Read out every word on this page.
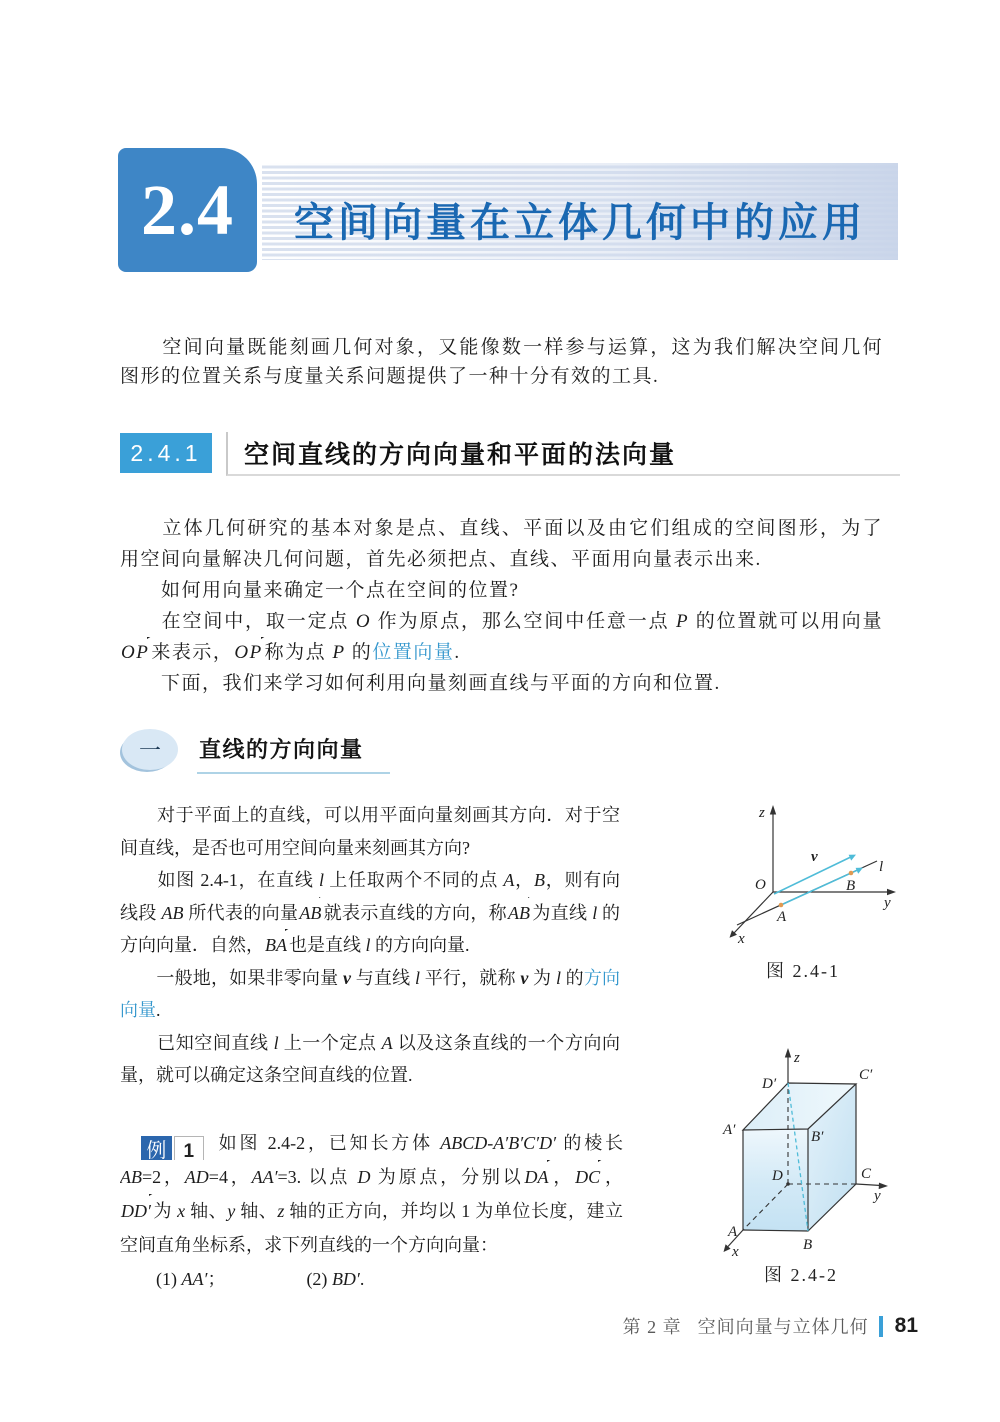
2.4 空间向量在立体几何中的应用
　　空间向量既能刻画几何对象，又能像数一样参与运算，这为我们解决空间几何
图形的位置关系与度量关系问题提供了一种十分有效的工具.
2.4.1	空间直线的方向向量和平面的法向量
　　立体几何研究的基本对象是点、直线、平面以及由它们组成的空间图形，为了
用空间向量解决几何问题，首先必须把点、直线、平面用向量表示出来.
　　如何用向量来确定一个点在空间的位置?
　　在空间中，取一定点 O 作为原点，那么空间中任意一点 P 的位置就可以用向量
OP 来表示，OP 称为点 P 的位置向量.
　　下面，我们来学习如何利用向量刻画直线与平面的方向和位置.
一	直线的方向向量
　　对于平面上的直线，可以用平面向量刻画其方向．对于空
间直线，是否也可用空间向量来刻画其方向?
　　如图 2.4-1，在直线 l 上任取两个不同的点 A，B，则有向
线段 AB 所代表的向量AB 就表示直线的方向，称AB 为直线 l 的
方向向量．自然，BA 也是直线 l 的方向向量.
　　一般地，如果非零向量 v 与直线 l 平行，就称 v 为 l 的方向
向量.
　　已知空间直线 l 上一个定点 A 以及这条直线的一个方向向
量，就可以确定这条空间直线的位置.
z
y
x
O
v
l
A
B
图 2.4-1
　例 1 如图 2.4-2，已知长方体 ABCD-A′B′C′D′ 的棱长
AB=2，AD=4，AA′=3. 以点 D 为原点，分别以DA ，DC ，
DD′ 为 x 轴、y 轴、z 轴的正方向，并均以 1 为单位长度，建立
空间直角坐标系，求下列直线的一个方向向量：
　　(1) AA′；　　　　　	(2) BD′.
z
y
x
D′
C′
A′	B′
D	C
A
B
图 2.4-2
第 2 章 空间向量与立体几何 81
